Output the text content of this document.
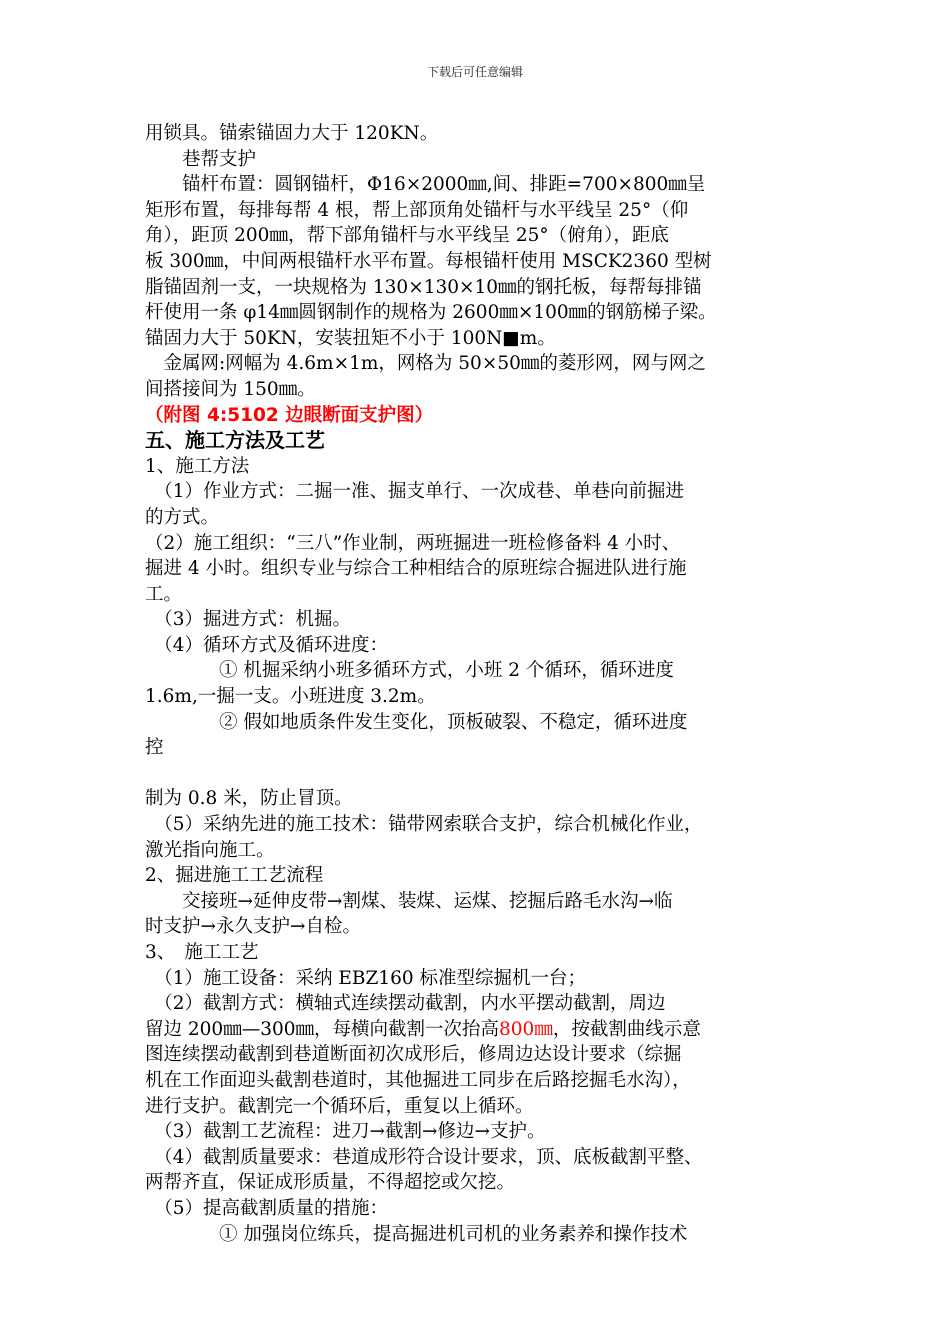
下载后可任意编辑
用锁具。锚索锚固力大于 120KN。
　　巷帮支护
　　锚杆布置：圆钢锚杆，Φ16×2000㎜,间、排距=700×800㎜呈
矩形布置，每排每帮 4 根，帮上部顶角处锚杆与水平线呈 25°（仰
角），距顶 200㎜，帮下部角锚杆与水平线呈 25°（俯角），距底
板 300㎜，中间两根锚杆水平布置。每根锚杆使用 MSCK2360 型树
脂锚固剂一支，一块规格为 130×130×10㎜的钢托板，每帮每排锚
杆使用一条 φ14㎜圆钢制作的规格为 2600㎜×100㎜的钢筋梯子梁。
锚固力大于 50KN，安装扭矩不小于 100N■m。
　金属网:网幅为 4.6m×1m，网格为 50×50㎜的菱形网，网与网之
间搭接间为 150㎜。
（附图 4:5102 边眼断面支护图）
五、施工方法及工艺
1、施工方法
　（1）作业方式：二掘一准、掘支单行、一次成巷、单巷向前掘进
的方式。
（2）施工组织：“三八”作业制，两班掘进一班检修备料 4 小时、
掘进 4 小时。组织专业与综合工种相结合的原班综合掘进队进行施
工。
　（3）掘进方式：机掘。
　（4）循环方式及循环进度：
　　　　① 机掘采纳小班多循环方式，小班 2 个循环，循环进度
1.6m,一掘一支。小班进度 3.2m。
　　　　② 假如地质条件发生变化，顶板破裂、不稳定，循环进度
控
制为 0.8 米，防止冒顶。
　（5）采纳先进的施工技术：锚带网索联合支护，综合机械化作业，
激光指向施工。
2、掘进施工工艺流程
　　交接班→延伸皮带→割煤、装煤、运煤、挖掘后路毛水沟→临
时支护→永久支护→自检。
3、　施工工艺
　（1）施工设备：采纳 EBZ160 标准型综掘机一台；
　（2）截割方式：横轴式连续摆动截割，内水平摆动截割，周边
留边 200㎜—300㎜，每横向截割一次抬高800㎜，按截割曲线示意
图连续摆动截割到巷道断面初次成形后，修周边达设计要求（综掘
机在工作面迎头截割巷道时，其他掘进工同步在后路挖掘毛水沟），
进行支护。截割完一个循环后，重复以上循环。
　（3）截割工艺流程：进刀→截割→修边→支护。
　（4）截割质量要求：巷道成形符合设计要求，顶、底板截割平整、
两帮齐直，保证成形质量，不得超挖或欠挖。
　（5）提高截割质量的措施：
　　　　① 加强岗位练兵，提高掘进机司机的业务素养和操作技术
